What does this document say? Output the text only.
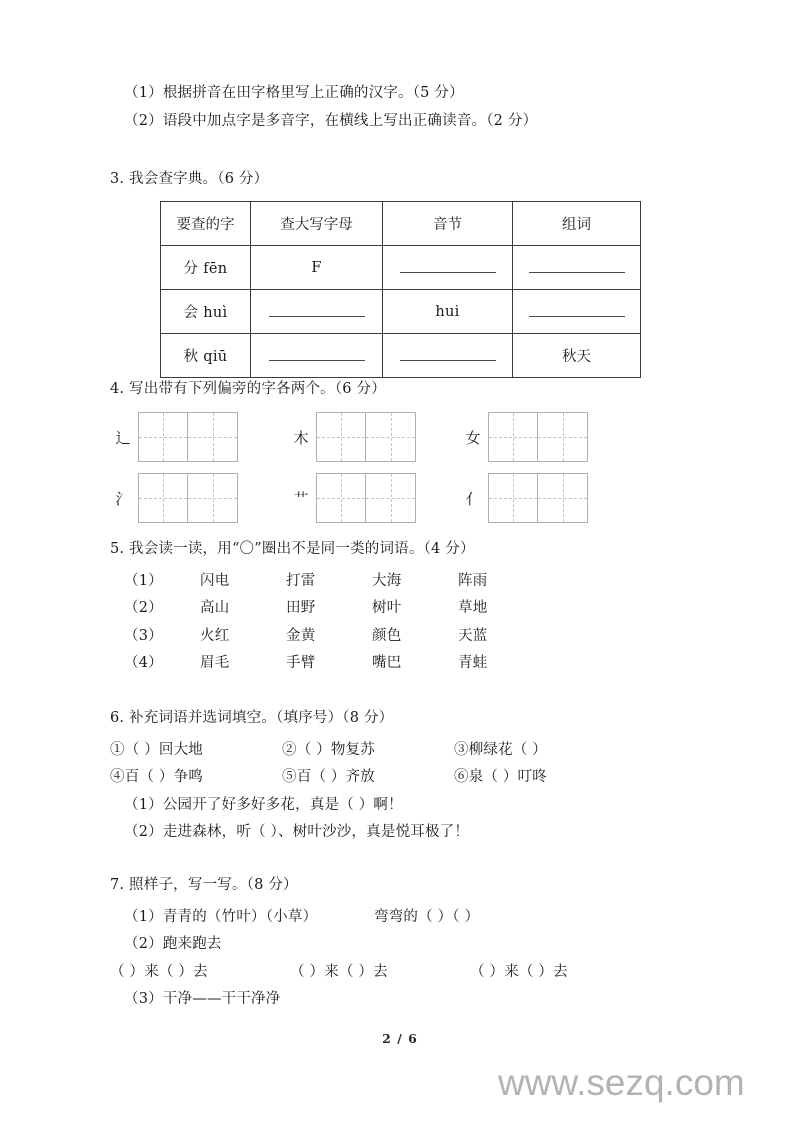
（1）根据拼音在田字格里写上正确的汉字。（5 分）
（2）语段中加点字是多音字，在横线上写出正确读音。（2 分）
3. 我会查字典。（6 分）
要查的字	查大写字母	音节	组词
分 fēn	F		
会 huì		hui	
秋 qiū			秋天
4. 写出带有下列偏旁的字各两个。（6 分）
辶	木	女
氵	艹	亻
5. 我会读一读，用“〇”圈出不是同一类的词语。（4 分）
（1）	闪电	打雷	大海	阵雨
（2）	高山	田野	树叶	草地
（3）	火红	金黄	颜色	天蓝
（4）	眉毛	手臂	嘴巴	青蛙
6. 补充词语并选词填空。（填序号）（8 分）
①（ ）回大地	②（ ）物复苏	③柳绿花（ ）
④百（ ）争鸣	⑤百（ ）齐放	⑥泉（ ）叮咚
（1）公园开了好多好多花，真是（ ）啊！
（2）走进森林，听（ ）、树叶沙沙，真是悦耳极了！
7. 照样子，写一写。（8 分）
（1）青青的（竹叶）（小草）	弯弯的（ ）（ ）
（2）跑来跑去
（ ）来（ ）去	（ ）来（ ）去	（ ）来（ ）去
（3）干净——干干净净
2 / 6
www.sezq.com
